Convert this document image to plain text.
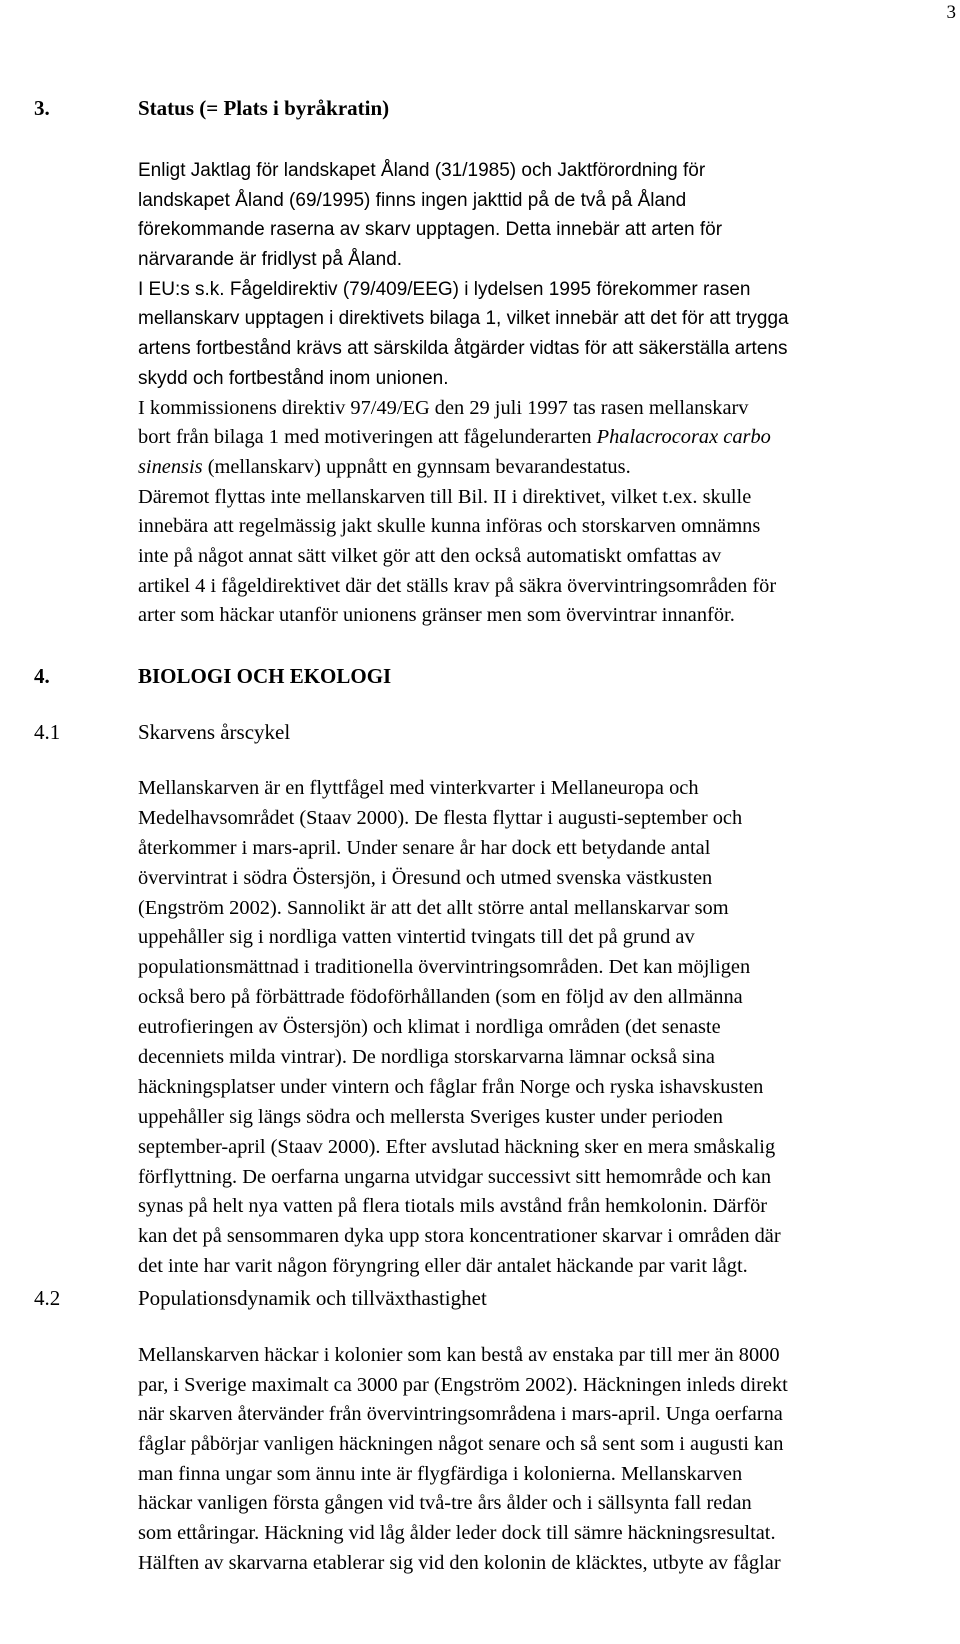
3
3.	Status (= Plats i byråkratin)
Enligt Jaktlag för landskapet Åland (31/1985) och Jaktförordning för
landskapet Åland (69/1995) finns ingen jakttid på de två på Åland
förekommande raserna av skarv upptagen. Detta innebär att arten för
närvarande är fridlyst på Åland.
I EU:s s.k. Fågeldirektiv (79/409/EEG) i lydelsen 1995 förekommer rasen
mellanskarv upptagen i direktivets bilaga 1, vilket innebär att det för att trygga
artens fortbestånd krävs att särskilda åtgärder vidtas för att säkerställa artens
skydd och fortbestånd inom unionen.
I kommissionens direktiv 97/49/EG den 29 juli 1997 tas rasen mellanskarv
bort från bilaga 1 med motiveringen att fågelunderarten Phalacrocorax carbo
sinensis (mellanskarv) uppnått en gynnsam bevarandestatus.
Däremot flyttas inte mellanskarven till Bil. II i direktivet, vilket t.ex. skulle
innebära att regelmässig jakt skulle kunna införas och storskarven omnämns
inte på något annat sätt vilket gör att den också automatiskt omfattas av
artikel 4 i fågeldirektivet där det ställs krav på säkra övervintringsområden för
arter som häckar utanför unionens gränser men som övervintrar innanför.
4.	BIOLOGI OCH EKOLOGI
4.1	Skarvens årscykel
Mellanskarven är en flyttfågel med vinterkvarter i Mellaneuropa och
Medelhavsområdet (Staav 2000). De flesta flyttar i augusti-september och
återkommer i mars-april. Under senare år har dock ett betydande antal
övervintrat i södra Östersjön, i Öresund och utmed svenska västkusten
(Engström 2002). Sannolikt är att det allt större antal mellanskarvar som
uppehåller sig i nordliga vatten vintertid tvingats till det på grund av
populationsmättnad i traditionella övervintringsområden. Det kan möjligen
också bero på förbättrade födoförhållanden (som en följd av den allmänna
eutrofieringen av Östersjön) och klimat i nordliga områden (det senaste
decenniets milda vintrar). De nordliga storskarvarna lämnar också sina
häckningsplatser under vintern och fåglar från Norge och ryska ishavskusten
uppehåller sig längs södra och mellersta Sveriges kuster under perioden
september-april (Staav 2000). Efter avslutad häckning sker en mera småskalig
förflyttning. De oerfarna ungarna utvidgar successivt sitt hemområde och kan
synas på helt nya vatten på flera tiotals mils avstånd från hemkolonin. Därför
kan det på sensommaren dyka upp stora koncentrationer skarvar i områden där
det inte har varit någon föryngring eller där antalet häckande par varit lågt.
4.2	Populationsdynamik och tillväxthastighet
Mellanskarven häckar i kolonier som kan bestå av enstaka par till mer än 8000
par, i Sverige maximalt ca 3000 par (Engström 2002). Häckningen inleds direkt
när skarven återvänder från övervintringsområdena i mars-april. Unga oerfarna
fåglar påbörjar vanligen häckningen något senare och så sent som i augusti kan
man finna ungar som ännu inte är flygfärdiga i kolonierna. Mellanskarven
häckar vanligen första gången vid två-tre års ålder och i sällsynta fall redan
som ettåringar. Häckning vid låg ålder leder dock till sämre häckningsresultat.
Hälften av skarvarna etablerar sig vid den kolonin de kläcktes, utbyte av fåglar
